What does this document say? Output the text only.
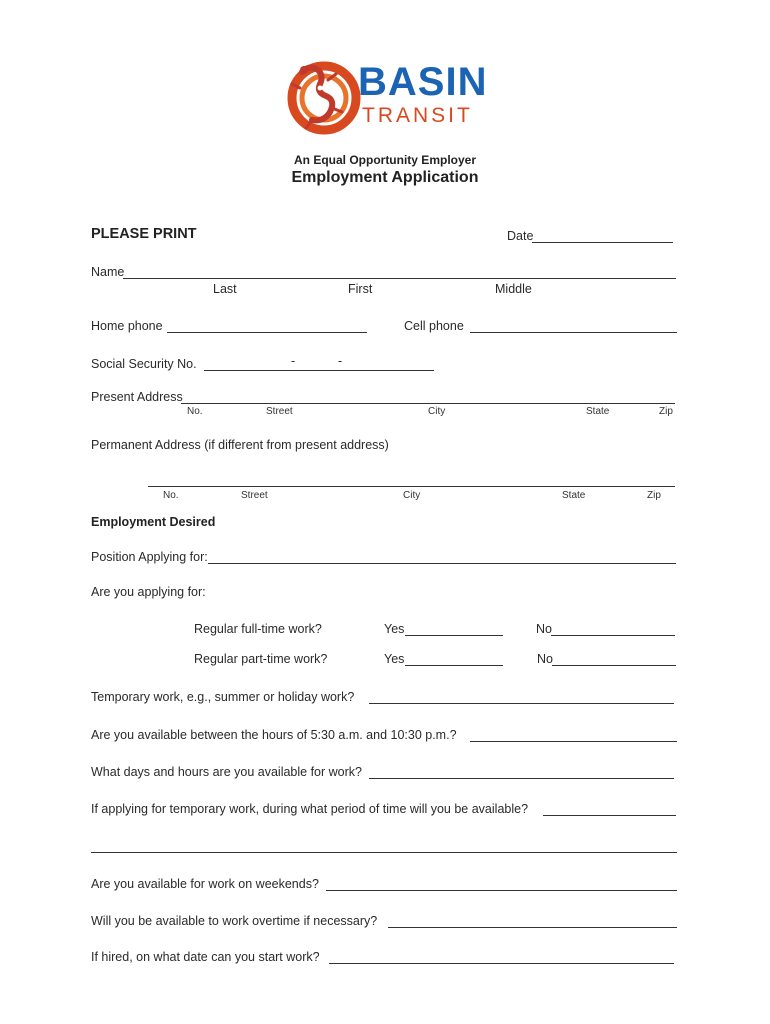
BASIN
TRANSIT
An Equal Opportunity Employer
Employment Application
PLEASE PRINT	Date
Name
Last	First	Middle
Home phone	Cell phone
Social Security No.	-	-
Present Address
No.	Street	City	State	Zip
Permanent Address (if different from present address)
No.	Street	City	State	Zip
Employment Desired
Position Applying for:
Are you applying for:
Regular full-time work?	Yes	No
Regular part-time work?	Yes	No
Temporary work, e.g., summer or holiday work?
Are you available between the hours of 5:30 a.m. and 10:30 p.m.?
What days and hours are you available for work?
If applying for temporary work, during what period of time will you be available?
Are you available for work on weekends?
Will you be available to work overtime if necessary?
If hired, on what date can you start work?
